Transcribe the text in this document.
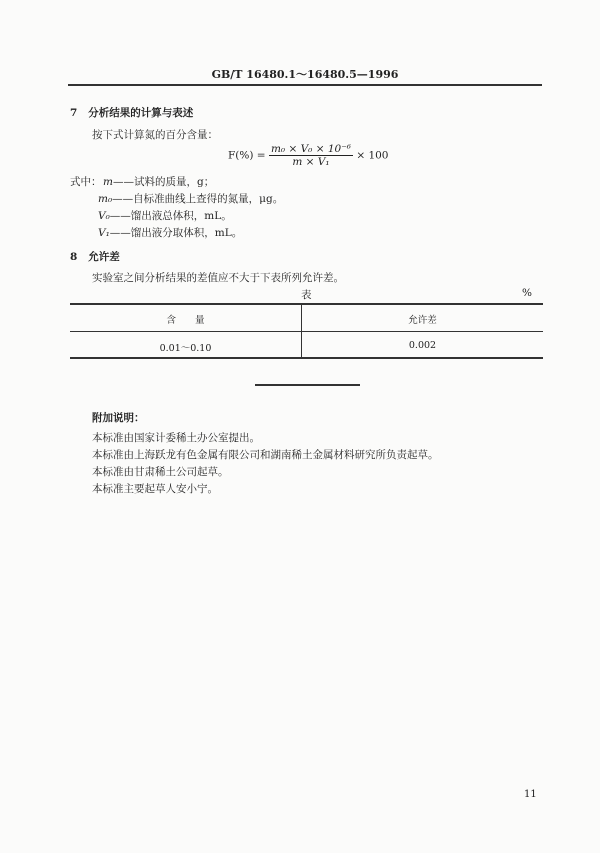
GB/T 16480.1～16480.5—1996
7 分析结果的计算与表述
按下式计算氮的百分含量：
$F(\%) = \frac{\text{m₀ × V₀ × 10⁻⁶}}{\text{m × V₁}} \times 100$
式中： m——试料的质量，g；
m₀——自标准曲线上查得的氮量，μg。
V₀——馏出液总体积，mL。
V₁——馏出液分取体积，mL。
8 允许差
实验室之间分析结果的差值应不大于下表所列允许差。
表	%
含　　量	允许差
0.01～0.10	0.002
附加说明：
本标准由国家计委稀土办公室提出。
本标准由上海跃龙有色金属有限公司和湖南稀土金属材料研究所负责起草。
本标准由甘肃稀土公司起草。
本标准主要起草人安小宁。
11
